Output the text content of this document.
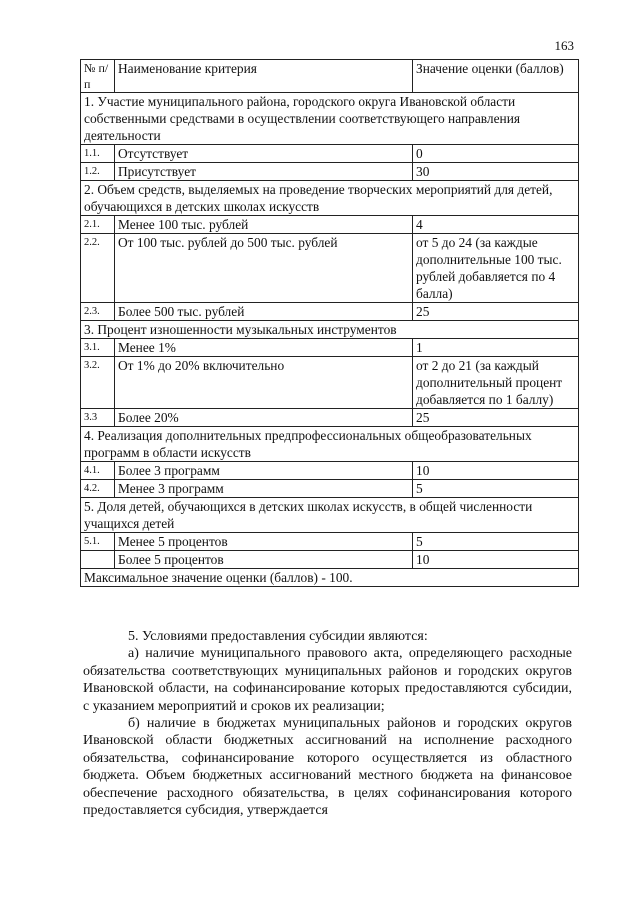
163
№ п/п	Наименование критерия	Значение оценки (баллов)
1. Участие муниципального района, городского округа Ивановской области собственными средствами в осуществлении соответствующего направления деятельности		
1.1.	Отсутствует	0
1.2.	Присутствует	30
2. Объем средств, выделяемых на проведение творческих мероприятий для детей, обучающихся в детских школах искусств		
2.1.	Менее 100 тыс. рублей	4
2.2.	От 100 тыс. рублей до 500 тыс. рублей	от 5 до 24 (за каждые дополнительные 100 тыс. рублей добавляется по 4 балла)
2.3.	Более 500 тыс. рублей	25
3. Процент изношенности музыкальных инструментов		
3.1.	Менее 1%	1
3.2.	От 1% до 20% включительно	от 2 до 21 (за каждый дополнительный процент добавляется по 1 баллу)
3.3	Более 20%	25
4. Реализация дополнительных предпрофессиональных общеобразовательных программ в области искусств		
4.1.	Более 3 программ	10
4.2.	Менее 3 программ	5
5. Доля детей, обучающихся в детских школах искусств, в общей численности учащихся детей		
5.1.	Менее 5 процентов	5
	Более 5 процентов	10
Максимальное значение оценки (баллов) - 100.		

5. Условиями предоставления субсидии являются:

а) наличие муниципального правового акта, определяющего расходные обязательства соответствующих муниципальных районов и городских округов Ивановской области, на софинансирование которых предоставляются субсидии, с указанием мероприятий и сроков их реализации;

б) наличие в бюджетах муниципальных районов и городских округов Ивановской области бюджетных ассигнований на исполнение расходного обязательства, софинансирование которого осуществляется из областного бюджета. Объем бюджетных ассигнований местного бюджета на финансовое обеспечение расходного обязательства, в целях софинансирования которого предоставляется субсидия, утверждается
